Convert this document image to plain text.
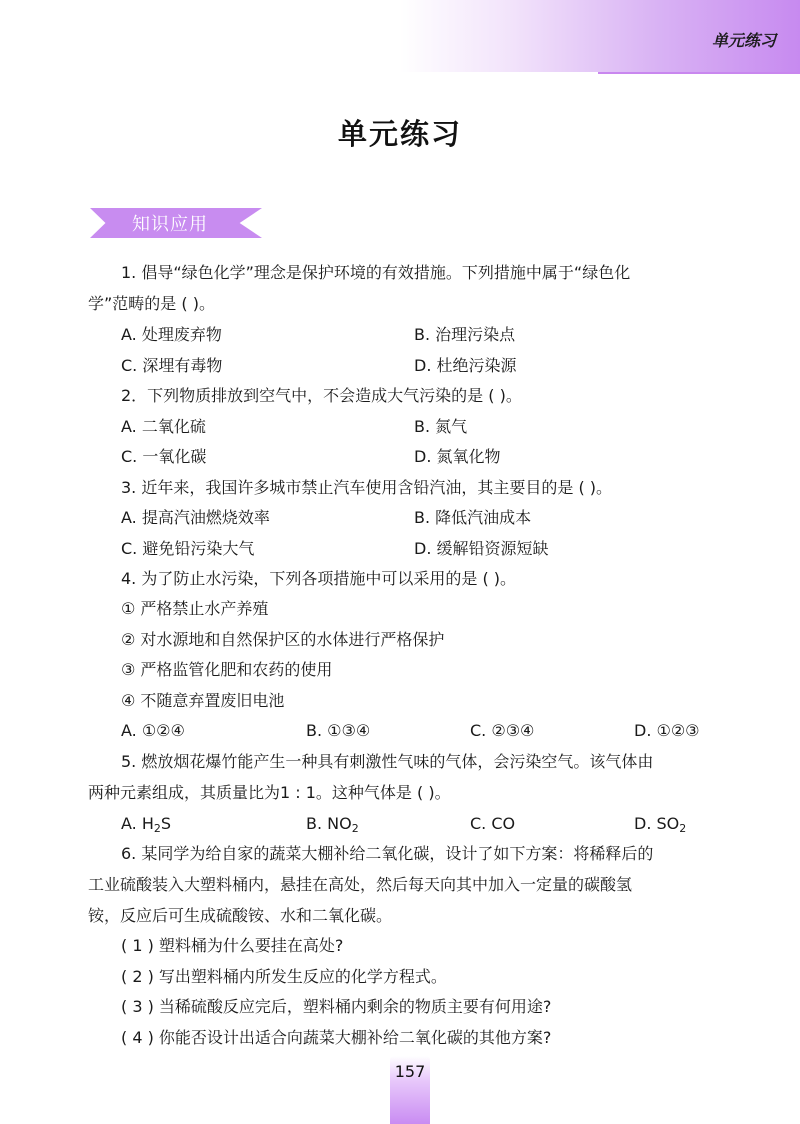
单元练习
单元练习
知识应用
1. 倡导“绿色化学”理念是保护环境的有效措施。下列措施中属于“绿色化
学”范畴的是 ( )。
A. 处理废弃物	B. 治理污染点
C. 深埋有毒物	D. 杜绝污染源
2．下列物质排放到空气中，不会造成大气污染的是 ( )。
A. 二氧化硫	B. 氮气
C. 一氧化碳	D. 氮氧化物
3. 近年来，我国许多城市禁止汽车使用含铅汽油，其主要目的是 ( )。
A. 提高汽油燃烧效率	B. 降低汽油成本
C. 避免铅污染大气	D. 缓解铅资源短缺
4. 为了防止水污染，下列各项措施中可以采用的是 ( )。
① 严格禁止水产养殖
② 对水源地和自然保护区的水体进行严格保护
③ 严格监管化肥和农药的使用
④ 不随意弃置废旧电池
A. ①②④	B. ①③④	C. ②③④	D. ①②③
5. 燃放烟花爆竹能产生一种具有刺激性气味的气体，会污染空气。该气体由
两种元素组成，其质量比为1 : 1。这种气体是 ( )。
A. $H_2S$	B. $NO_2$	C. CO	D. $SO_2$
6. 某同学为给自家的蔬菜大棚补给二氧化碳，设计了如下方案：将稀释后的
工业硫酸装入大塑料桶内，悬挂在高处，然后每天向其中加入一定量的碳酸氢
铵，反应后可生成硫酸铵、水和二氧化碳。
( 1 ) 塑料桶为什么要挂在高处?
( 2 ) 写出塑料桶内所发生反应的化学方程式。
( 3 ) 当稀硫酸反应完后，塑料桶内剩余的物质主要有何用途?
( 4 ) 你能否设计出适合向蔬菜大棚补给二氧化碳的其他方案?
157
